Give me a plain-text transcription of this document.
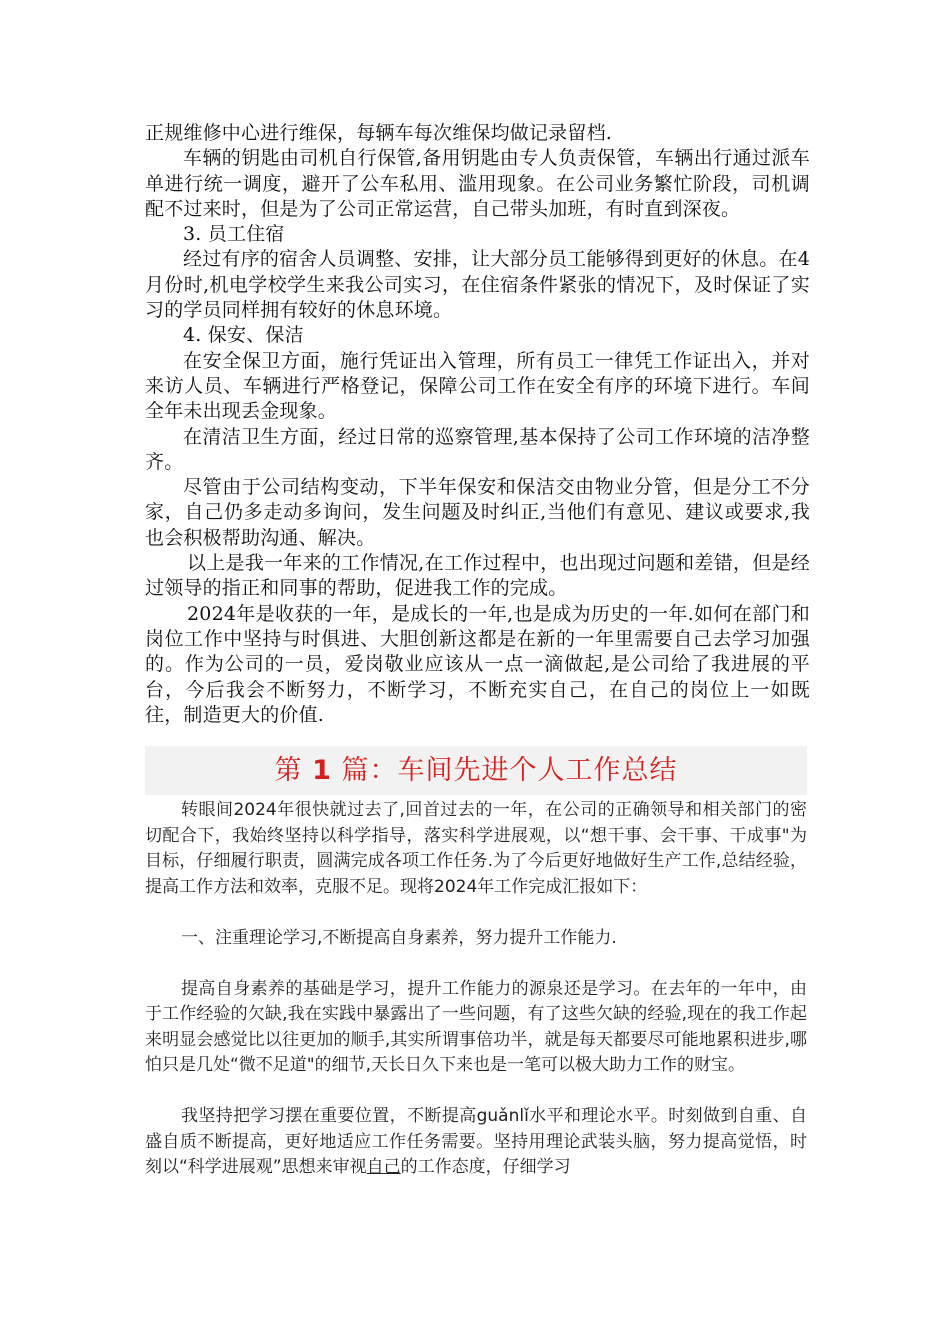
正规维修中心进行维保，每辆车每次维保均做记录留档.

车辆的钥匙由司机自行保管,备用钥匙由专人负责保管，车辆出行通过派车单进行统一调度，避开了公车私用、滥用现象。在公司业务繁忙阶段，司机调配不过来时，但是为了公司正常运营，自己带头加班，有时直到深夜。

3. 员工住宿

经过有序的宿舍人员调整、安排，让大部分员工能够得到更好的休息。在4月份时,机电学校学生来我公司实习，在住宿条件紧张的情况下，及时保证了实习的学员同样拥有较好的休息环境。

4. 保安、保洁

在安全保卫方面，施行凭证出入管理，所有员工一律凭工作证出入，并对来访人员、车辆进行严格登记，保障公司工作在安全有序的环境下进行。车间全年未出现丢金现象。

在清洁卫生方面，经过日常的巡察管理,基本保持了公司工作环境的洁净整齐。

尽管由于公司结构变动，下半年保安和保洁交由物业分管，但是分工不分家，自己仍多走动多询问，发生问题及时纠正,当他们有意见、建议或要求,我也会积极帮助沟通、解决。

以上是我一年来的工作情况,在工作过程中，也出现过问题和差错，但是经过领导的指正和同事的帮助，促进我工作的完成。

2024年是收获的一年，是成长的一年,也是成为历史的一年.如何在部门和岗位工作中坚持与时俱进、大胆创新这都是在新的一年里需要自己去学习加强的。作为公司的一员，爱岗敬业应该从一点一滴做起,是公司给了我进展的平台，今后我会不断努力，不断学习，不断充实自己，在自己的岗位上一如既往，制造更大的价值.

第 1 篇：车间先进个人工作总结

转眼间2024年很快就过去了,回首过去的一年，在公司的正确领导和相关部门的密切配合下，我始终坚持以科学指导，落实科学进展观，以“想干事、会干事、干成事"为目标，仔细履行职责，圆满完成各项工作任务.为了今后更好地做好生产工作,总结经验，提高工作方法和效率，克服不足。现将2024年工作完成汇报如下：

一、注重理论学习,不断提高自身素养，努力提升工作能力.

提高自身素养的基础是学习，提升工作能力的源泉还是学习。在去年的一年中，由于工作经验的欠缺,我在实践中暴露出了一些问题，有了这些欠缺的经验,现在的我工作起来明显会感觉比以往更加的顺手,其实所谓事倍功半，就是每天都要尽可能地累积进步,哪怕只是几处“微不足道"的细节,天长日久下来也是一笔可以极大助力工作的财宝。

我坚持把学习摆在重要位置，不断提高guǎnlǐ水平和理论水平。时刻做到自重、自盛自质不断提高，更好地适应工作任务需要。坚持用理论武装头脑，努力提高觉悟，时刻以“科学进展观”思想来审视自己的工作态度，仔细学习
